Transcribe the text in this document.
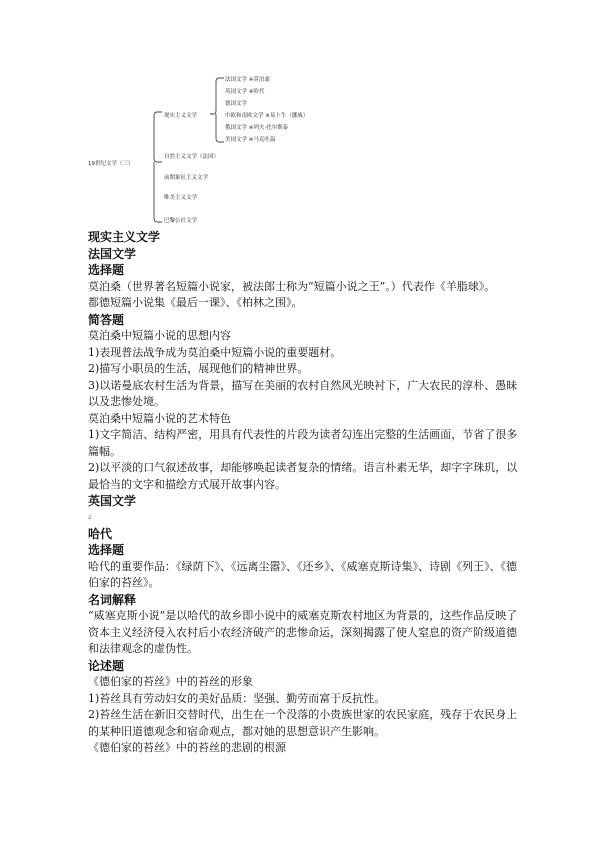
19世纪文学（三）
现实主义文学
自然主义文学（法国）
前期象征主义文学
唯美主义文学
巴黎公社文学
法国文学 ※莫泊桑
英国文学 ※哈代
德国文学
中欧和南欧文学 ※易卜生（挪威）
俄国文学 ※列夫·托尔斯泰
美国文学 ※马克吐温

现实主义文学

法国文学

选择题

莫泊桑（世界著名短篇小说家，被法郎士称为“短篇小说之王”。）代表作《羊脂球》。

都德短篇小说集《最后一课》、《柏林之围》。

简答题

莫泊桑中短篇小说的思想内容

1)表现普法战争成为莫泊桑中短篇小说的重要题材。

2)描写小职员的生活，展现他们的精神世界。

3)以诺曼底农村生活为背景，描写在美丽的农村自然风光映衬下，广大农民的淳朴、愚昧以及悲惨处境。

莫泊桑中短篇小说的艺术特色

1)文字简洁、结构严密，用具有代表性的片段为读者勾连出完整的生活画面，节省了很多篇幅。

2)以平淡的口气叙述故事，却能够唤起读者复杂的情绪。语言朴素无华，却字字珠玑，以最恰当的文字和描绘方式展开故事内容。

英国文学

2

哈代

选择题

哈代的重要作品：《绿荫下》、《远离尘嚣》、《还乡》、《威塞克斯诗集》、诗剧《列王》、《德伯家的苔丝》。

名词解释

“威塞克斯小说”是以哈代的故乡即小说中的威塞克斯农村地区为背景的，这些作品反映了资本主义经济侵入农村后小农经济破产的悲惨命运，深刻揭露了使人窒息的资产阶级道德和法律观念的虚伪性。

论述题

《德伯家的苔丝》中的苔丝的形象

1)苔丝具有劳动妇女的美好品质：坚强、勤劳而富于反抗性。

2)苔丝生活在新旧交替时代，出生在一个没落的小贵族世家的农民家庭，残存于农民身上的某种旧道德观念和宿命观点，都对她的思想意识产生影响。

《德伯家的苔丝》中的苔丝的悲剧的根源
